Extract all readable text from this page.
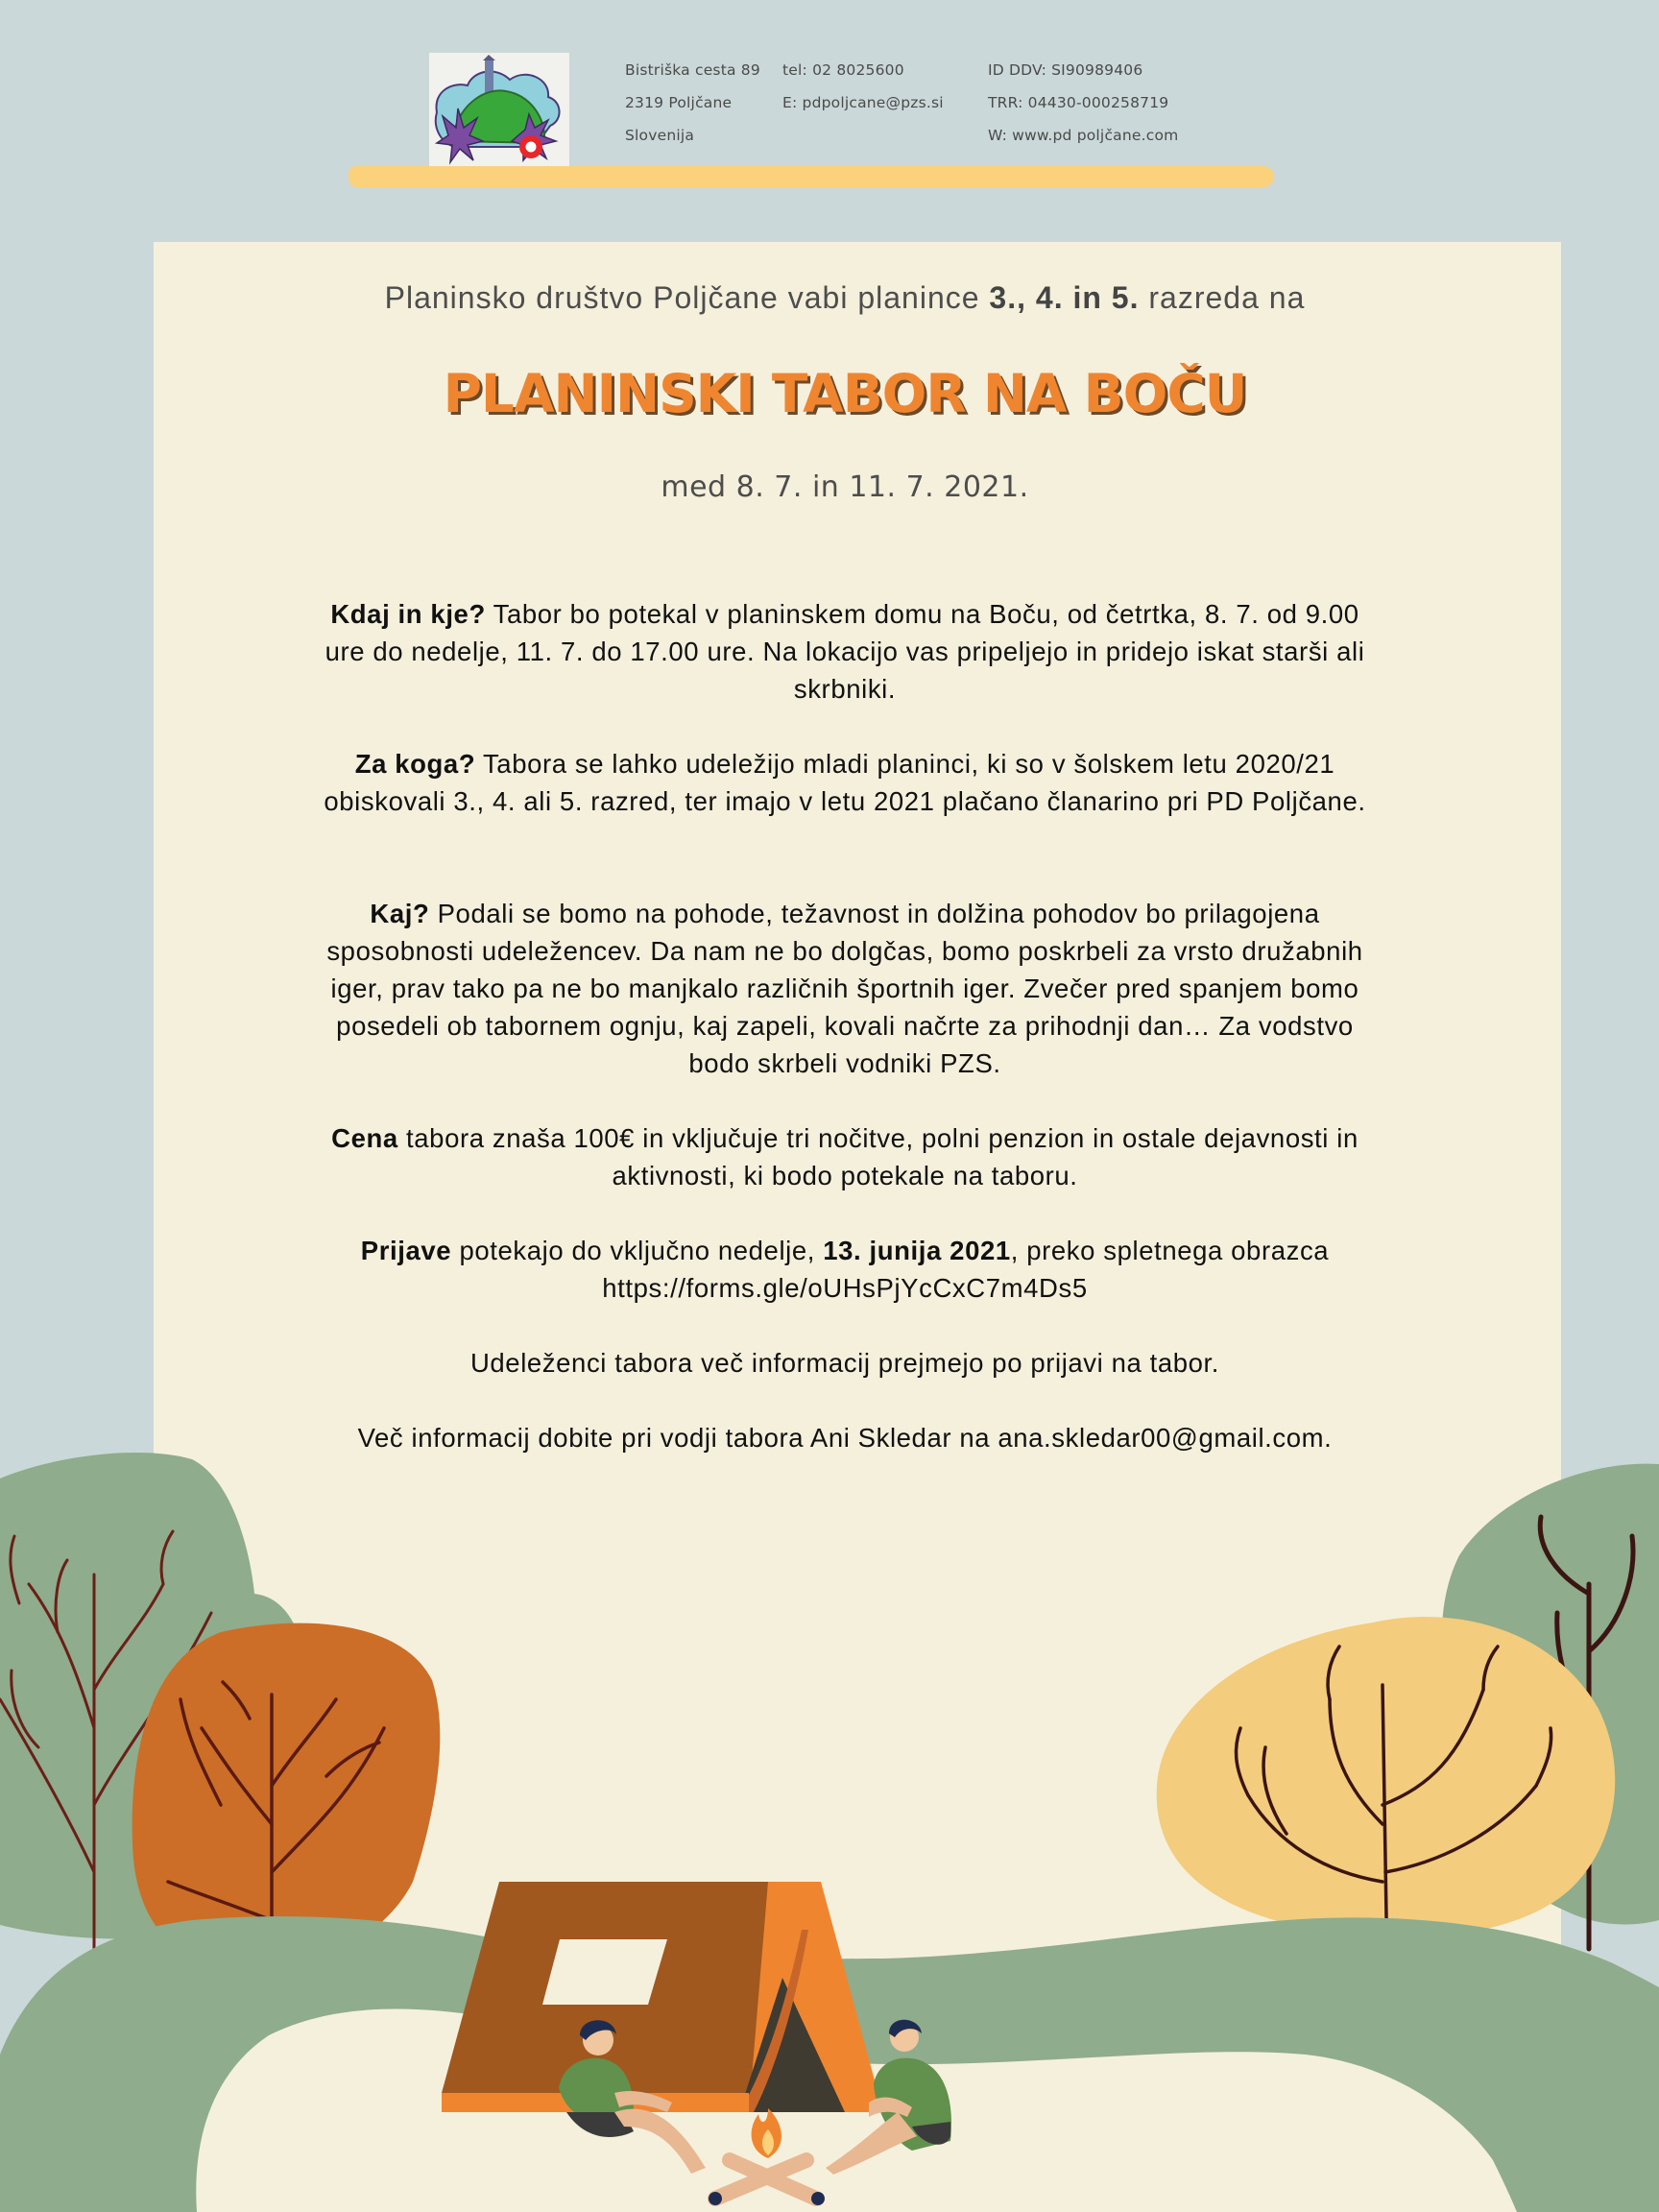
Bistriška cesta 89
2319 Poljčane
Slovenija
tel: 02 8025600
E: pdpoljcane@pzs.si
ID DDV: SI90989406
TRR: 04430-000258719
W: www.pd poljčane.com
Planinsko društvo Poljčane vabi planince 3., 4. in 5. razreda na
PLANINSKI TABOR NA BOČU
med 8. 7. in 11. 7. 2021.
Kdaj in kje? Tabor bo potekal v planinskem domu na Boču, od četrtka, 8. 7. od 9.00 ure do nedelje, 11. 7. do 17.00 ure. Na lokacijo vas pripeljejo in pridejo iskat starši ali skrbniki.
Za koga? Tabora se lahko udeležijo mladi planinci, ki so v šolskem letu 2020/21 obiskovali 3., 4. ali 5. razred, ter imajo v letu 2021 plačano članarino pri PD Poljčane.
Kaj? Podali se bomo na pohode, težavnost in dolžina pohodov bo prilagojena sposobnosti udeležencev. Da nam ne bo dolgčas, bomo poskrbeli za vrsto družabnih iger, prav tako pa ne bo manjkalo različnih športnih iger. Zvečer pred spanjem bomo posedeli ob tabornem ognju, kaj zapeli, kovali načrte za prihodnji dan… Za vodstvo bodo skrbeli vodniki PZS.
Cena tabora znaša 100€ in vključuje tri nočitve, polni penzion in ostale dejavnosti in aktivnosti, ki bodo potekale na taboru.
Prijave potekajo do vključno nedelje, 13. junija 2021, preko spletnega obrazca https://forms.gle/oUHsPjYcCxC7m4Ds5
Udeleženci tabora več informacij prejmejo po prijavi na tabor.
Več informacij dobite pri vodji tabora Ani Skledar na ana.skledar00@gmail.com.
